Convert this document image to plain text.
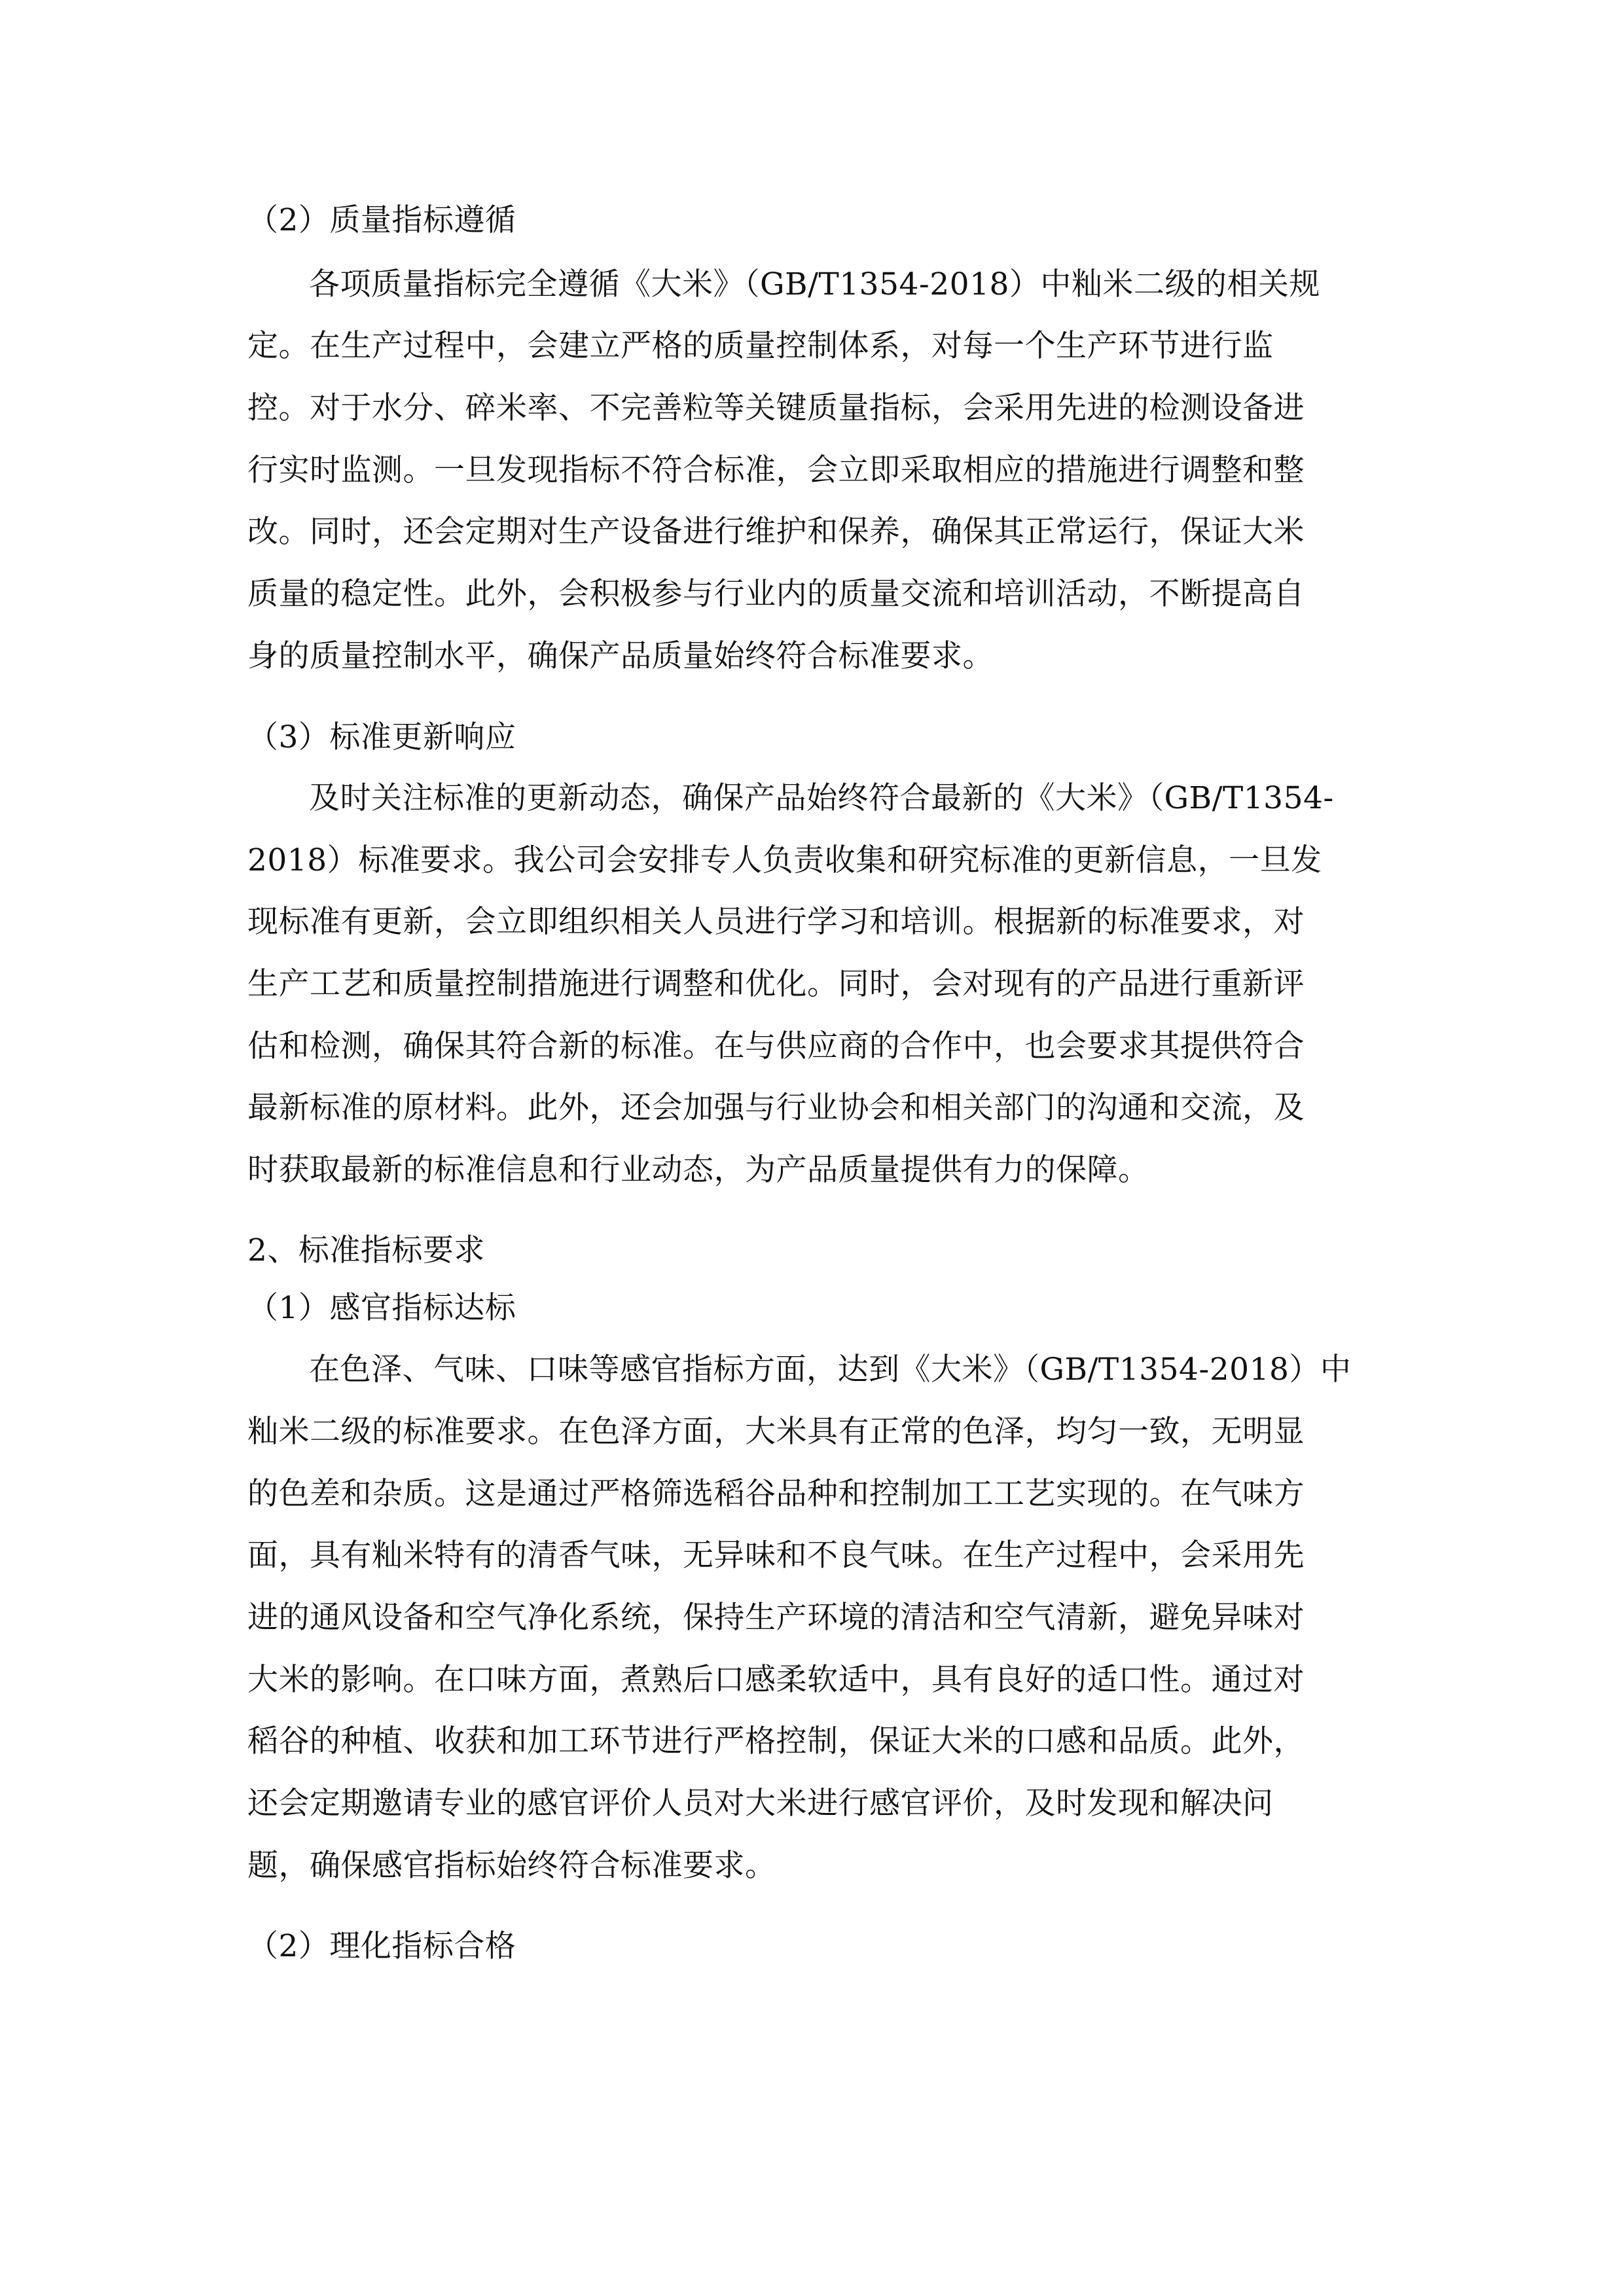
（2）质量指标遵循
各项质量指标完全遵循《大米》（GB/T1354-2018）中籼米二级的相关规
定。在生产过程中，会建立严格的质量控制体系，对每一个生产环节进行监
控。对于水分、碎米率、不完善粒等关键质量指标，会采用先进的检测设备进
行实时监测。一旦发现指标不符合标准，会立即采取相应的措施进行调整和整
改。同时，还会定期对生产设备进行维护和保养，确保其正常运行，保证大米
质量的稳定性。此外，会积极参与行业内的质量交流和培训活动，不断提高自
身的质量控制水平，确保产品质量始终符合标准要求。
（3）标准更新响应
及时关注标准的更新动态，确保产品始终符合最新的《大米》（GB/T1354-
2018）标准要求。我公司会安排专人负责收集和研究标准的更新信息，一旦发
现标准有更新，会立即组织相关人员进行学习和培训。根据新的标准要求，对
生产工艺和质量控制措施进行调整和优化。同时，会对现有的产品进行重新评
估和检测，确保其符合新的标准。在与供应商的合作中，也会要求其提供符合
最新标准的原材料。此外，还会加强与行业协会和相关部门的沟通和交流，及
时获取最新的标准信息和行业动态，为产品质量提供有力的保障。
2、标准指标要求
（1）感官指标达标
在色泽、气味、口味等感官指标方面，达到《大米》（GB/T1354-2018）中
籼米二级的标准要求。在色泽方面，大米具有正常的色泽，均匀一致，无明显
的色差和杂质。这是通过严格筛选稻谷品种和控制加工工艺实现的。在气味方
面，具有籼米特有的清香气味，无异味和不良气味。在生产过程中，会采用先
进的通风设备和空气净化系统，保持生产环境的清洁和空气清新，避免异味对
大米的影响。在口味方面，煮熟后口感柔软适中，具有良好的适口性。通过对
稻谷的种植、收获和加工环节进行严格控制，保证大米的口感和品质。此外，
还会定期邀请专业的感官评价人员对大米进行感官评价，及时发现和解决问
题，确保感官指标始终符合标准要求。
（2）理化指标合格
